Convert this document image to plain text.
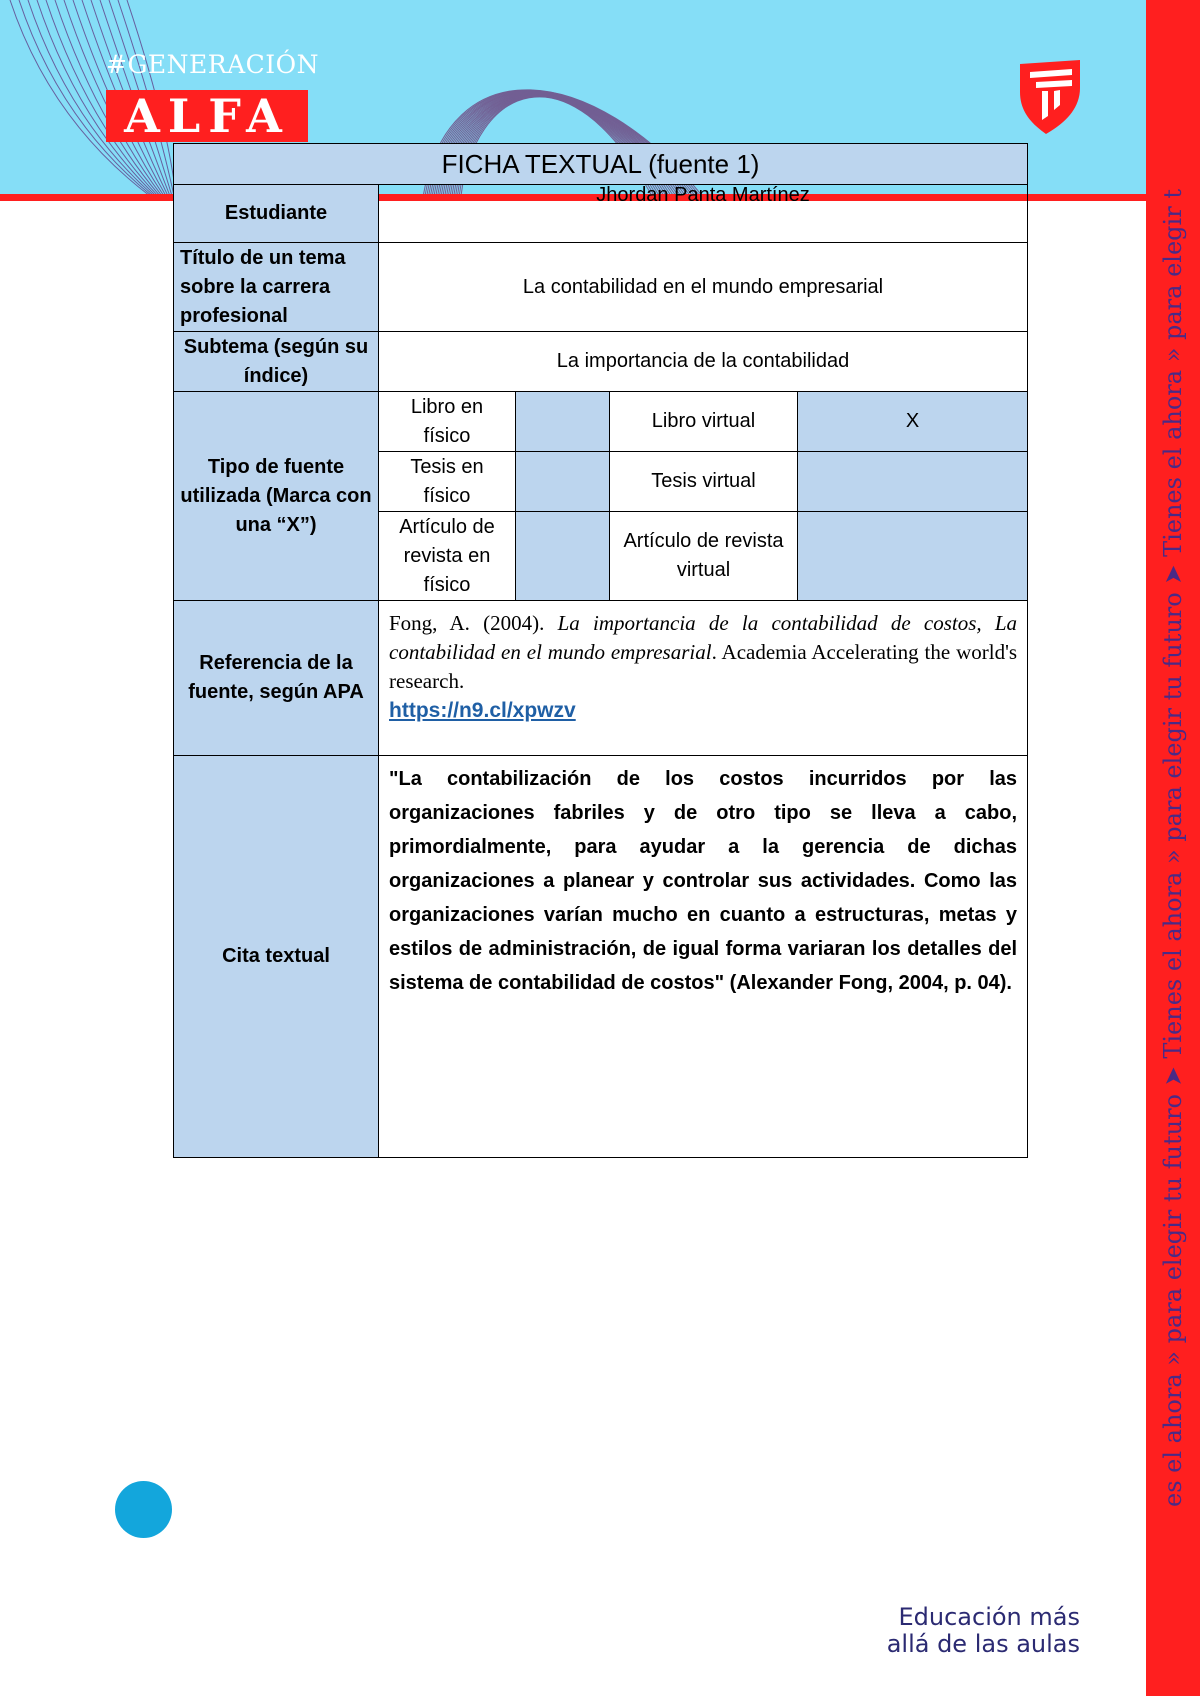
#GENERACIÓN
ALFA
es el ahora » para elegir tu futuro ➤ Tienes el ahora » para elegir tu futuro ➤ Tienes el ahora » para elegir t
FICHA TEXTUAL (fuente 1)				
Estudiante	Jhordan Panta Martínez			
Título de un tema sobre la carrera profesional	La contabilidad en el mundo empresarial			
Subtema (según su índice)	La importancia de la contabilidad			
Tipo de fuente utilizada (Marca con una “X”)	Libro en físico		Libro virtual	X
	Tesis en físico		Tesis virtual	
	Artículo de revista en físico		Artículo de revista virtual	
Referencia de la fuente, según APA	Fong, A. (2004). La importancia de la contabilidad de costos, La contabilidad en el mundo empresarial. Academia Accelerating the world's research.
https://n9.cl/xpwzv			
Cita textual	"La contabilización de los costos incurridos por las organizaciones fabriles y de otro tipo se lleva a cabo, primordialmente, para ayudar a la gerencia de dichas organizaciones a planear y controlar sus actividades. Como las organizaciones varían mucho en cuanto a estructuras, metas y estilos de administración, de igual forma variaran los detalles del sistema de contabilidad de costos" (Alexander Fong, 2004, p. 04).			
Educación más
allá de las aulas
